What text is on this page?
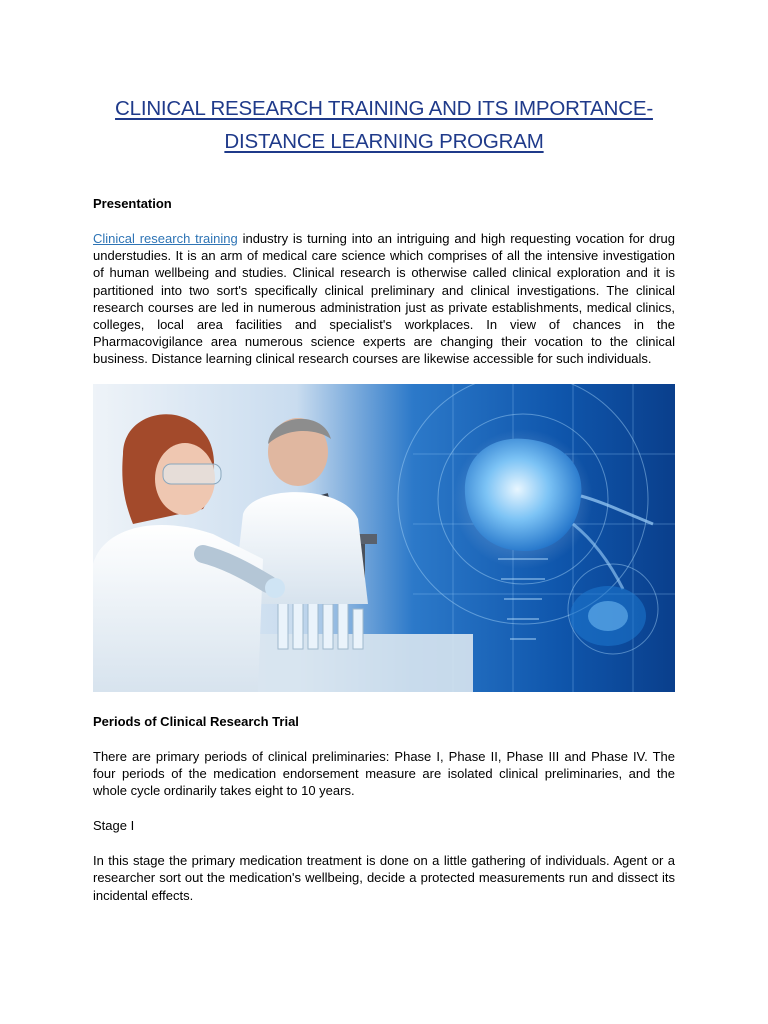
CLINICAL RESEARCH TRAINING AND ITS IMPORTANCE- DISTANCE LEARNING PROGRAM

Presentation

Clinical research training industry is turning into an intriguing and high requesting vocation for drug understudies. It is an arm of medical care science which comprises of all the intensive investigation of human wellbeing and studies. Clinical research is otherwise called clinical exploration and it is partitioned into two sort's specifically clinical preliminary and clinical investigations. The clinical research courses are led in numerous administration just as private establishments, medical clinics, colleges, local area facilities and specialist's workplaces. In view of chances in the Pharmacovigilance area numerous science experts are changing their vocation to the clinical business. Distance learning clinical research courses are likewise accessible for such individuals.

Periods of Clinical Research Trial

There are primary periods of clinical preliminaries: Phase I, Phase II, Phase III and Phase IV. The four periods of the medication endorsement measure are isolated clinical preliminaries, and the whole cycle ordinarily takes eight to 10 years.

Stage I

In this stage the primary medication treatment is done on a little gathering of individuals. Agent or a researcher sort out the medication's wellbeing, decide a protected measurements run and dissect its incidental effects.
